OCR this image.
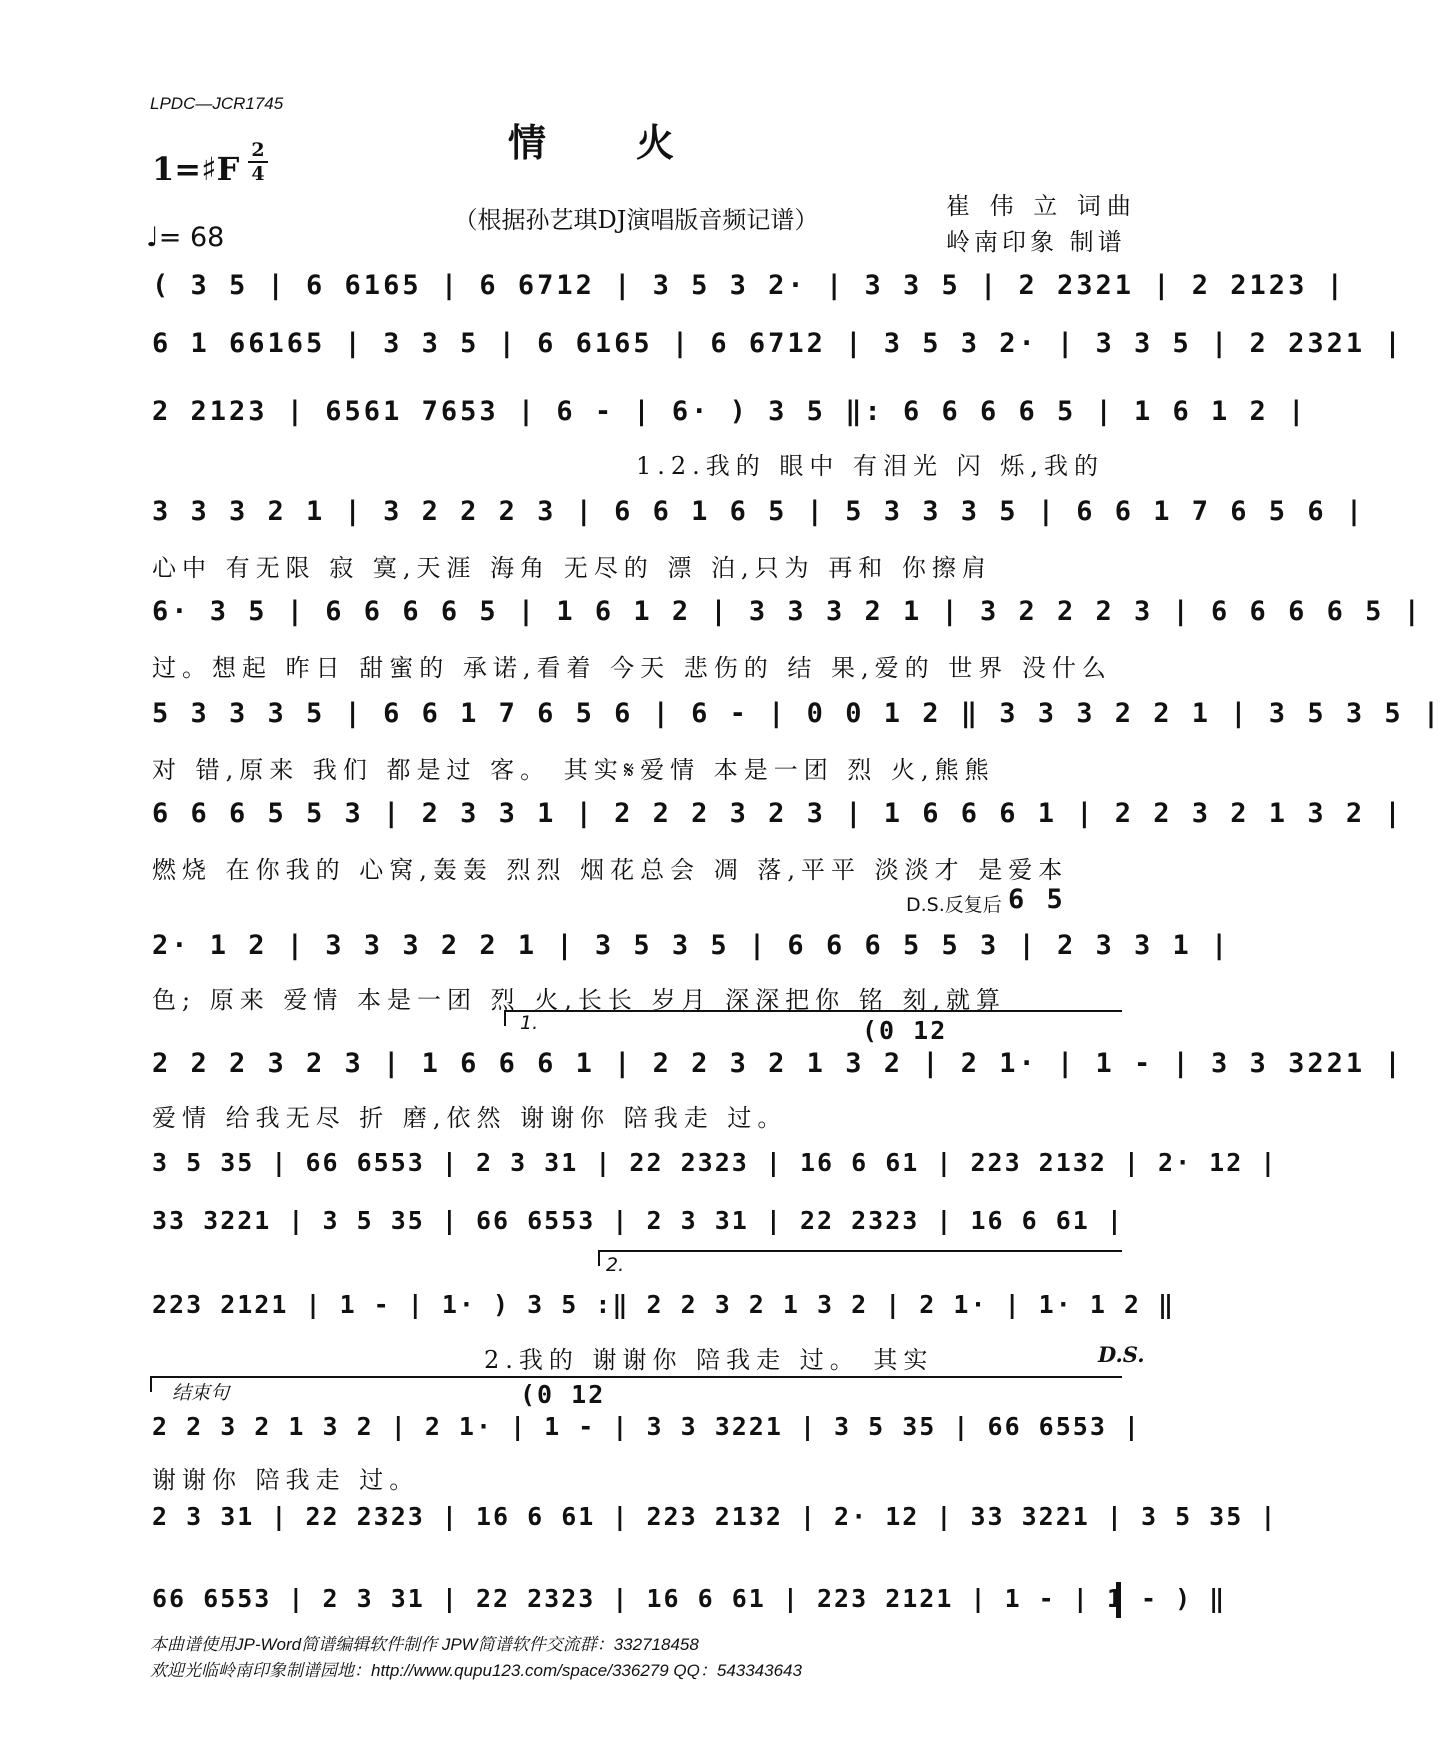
LPDC—JCR1745
情火
1=♯F 2
4
♩= 68
（根据孙艺琪DJ演唱版音频记谱）	崔 伟 立 词曲
岭南印象 制谱
( 3 5 | 6 6165 | 6 6712 | 3 5 3 2· | 3 3 5 | 2 2321 | 2 2123 |
6 1 66165 | 3 3 5 | 6 6165 | 6 6712 | 3 5 3 2· | 3 3 5 | 2 2321 |
2 2123 | 6561 7653 | 6 - | 6· ) 3 5 ‖: 6 6 6 6 5 | 1 6 1 2 |
1.2.我的 眼中 有泪光 闪 烁,我的
3 3 3 2 1 | 3 2 2 2 3 | 6 6 1 6 5 | 5 3 3 3 5 | 6 6 1 7 6 5 6 |
心中 有无限 寂 寞,天涯 海角 无尽的 漂 泊,只为 再和 你擦肩
6· 3 5 | 6 6 6 6 5 | 1 6 1 2 | 3 3 3 2 1 | 3 2 2 2 3 | 6 6 6 6 5 |
过。想起 昨日 甜蜜的 承诺,看着 今天 悲伤的 结 果,爱的 世界 没什么
5 3 3 3 5 | 6 6 1 7 6 5 6 | 6 - | 0 0 1 2 ‖ 3 3 3 2 2 1 | 3 5 3 5 |
对 错,原来 我们 都是过 客。 其实𝄋爱情 本是一团 烈 火,熊熊
6 6 6 5 5 3 | 2 3 3 1 | 2 2 2 3 2 3 | 1 6 6 6 1 | 2 2 3 2 1 3 2 |
燃烧 在你我的 心窝,轰轰 烈烈 烟花总会 凋 落,平平 淡淡才 是爱本
D.S.反复后 6 5
2· 1 2 | 3 3 3 2 2 1 | 3 5 3 5 | 6 6 6 5 5 3 | 2 3 3 1 |
色; 原来 爱情 本是一团 烈 火,长长 岁月 深深把你 铭 刻,就算
1.	(0 12
2 2 2 3 2 3 | 1 6 6 6 1 | 2 2 3 2 1 3 2 | 2 1· | 1 - | 3 3 3221 |
爱情 给我无尽 折 磨,依然 谢谢你 陪我走 过。
3 5 35 | 66 6553 | 2 3 31 | 22 2323 | 16 6 61 | 223 2132 | 2· 12 |
33 3221 | 3 5 35 | 66 6553 | 2 3 31 | 22 2323 | 16 6 61 |
2.
223 2121 | 1 - | 1· ) 3 5 :‖ 2 2 3 2 1 3 2 | 2 1· | 1· 1 2 ‖
2.我的 谢谢你 陪我走 过。 其实	D.S.
结束句	(0 12
2 2 3 2 1 3 2 | 2 1· | 1 - | 3 3 3221 | 3 5 35 | 66 6553 |
谢谢你 陪我走 过。
2 3 31 | 22 2323 | 16 6 61 | 223 2132 | 2· 12 | 33 3221 | 3 5 35 |
66 6553 | 2 3 31 | 22 2323 | 16 6 61 | 223 2121 | 1 - | 1 - ) ‖
本曲谱使用JP-Word简谱编辑软件制作 JPW简谱软件交流群：332718458
欢迎光临岭南印象制谱园地：http://www.qupu123.com/space/336279 QQ：543343643
